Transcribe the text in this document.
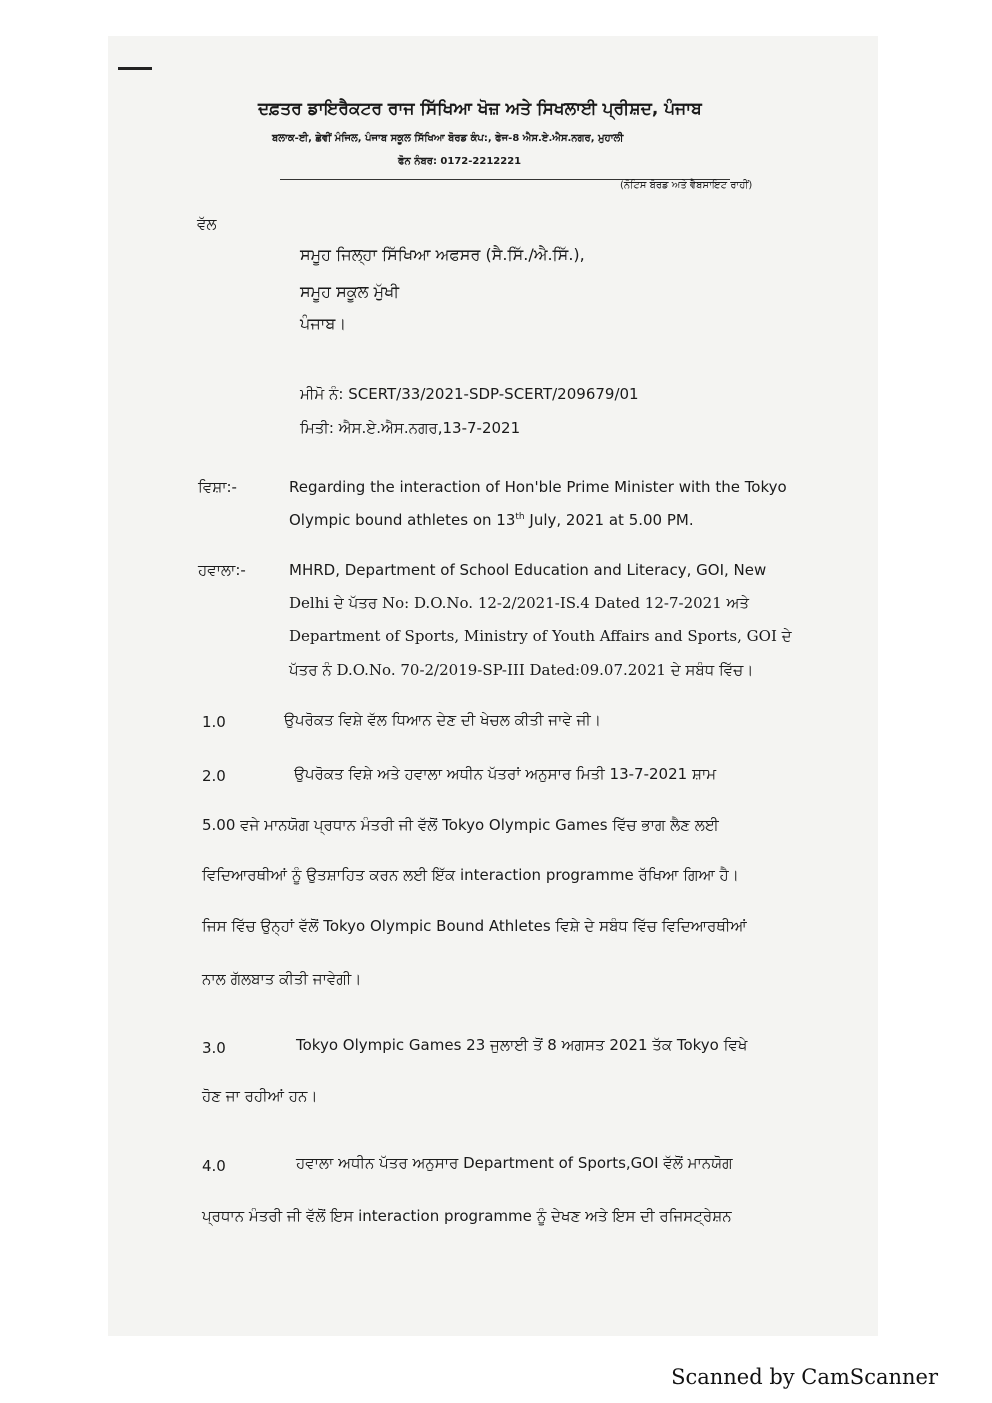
ਦਫ਼ਤਰ ਡਾਇਰੈਕਟਰ ਰਾਜ ਸਿੱਖਿਆ ਖੋਜ਼ ਅਤੇ ਸਿਖਲਾਈ ਪ੍ਰੀਸ਼ਦ, ਪੰਜਾਬ
ਬਲਾਕ-ਈ, ਛੇਵੀਂ ਮੰਜਿਲ, ਪੰਜਾਬ ਸਕੂਲ ਸਿੱਖਿਆ ਬੋਰਡ ਕੰਪ:, ਫੇਜ-8 ਐਸ.ਏ.ਐਸ.ਨਗਰ, ਮੁਹਾਲੀ
ਫੋਨ ਨੰਬਰ: 0172-2212221
(ਨੋਟਿਸ ਬੋਰਡ ਅਤੇ ਵੈਬਸਾਇਟ ਰਾਹੀਂ)
ਵੱਲ
ਸਮੂਹ ਜਿਲ੍ਹਾ ਸਿੱਖਿਆ ਅਫਸਰ (ਸੈ.ਸਿੱ./ਐ.ਸਿੱ.),
ਸਮੂਹ ਸਕੂਲ ਮੁੱਖੀ
ਪੰਜਾਬ।
ਮੀਮੋ ਨੰ: SCERT/33/2021-SDP-SCERT/209679/01
ਮਿਤੀ: ਐਸ.ਏ.ਐਸ.ਨਗਰ,13-7-2021
ਵਿਸ਼ਾ:-	Regarding the interaction of Hon'ble Prime Minister with the Tokyo
Olympic bound athletes on 13th July, 2021 at 5.00 PM.
ਹਵਾਲਾ:-	MHRD, Department of School Education and Literacy, GOI, New
Delhi ਦੇ ਪੱਤਰ No: D.O.No. 12-2/2021-IS.4 Dated 12-7-2021 ਅਤੇ
Department of Sports, Ministry of Youth Affairs and Sports, GOI ਦੇ
ਪੱਤਰ ਨੰ D.O.No. 70-2/2019-SP-III Dated:09.07.2021 ਦੇ ਸਬੰਧ ਵਿੱਚ।
1.0	ਉਪਰੋਕਤ ਵਿਸ਼ੇ ਵੱਲ ਧਿਆਨ ਦੇਣ ਦੀ ਖੇਚਲ ਕੀਤੀ ਜਾਵੇ ਜੀ।
2.0	ਉਪਰੋਕਤ ਵਿਸ਼ੇ ਅਤੇ ਹਵਾਲਾ ਅਧੀਨ ਪੱਤਰਾਂ ਅਨੁਸਾਰ ਮਿਤੀ 13-7-2021 ਸ਼ਾਮ
5.00 ਵਜੇ ਮਾਨਯੋਗ ਪ੍ਰਧਾਨ ਮੰਤਰੀ ਜੀ ਵੱਲੋਂ Tokyo Olympic Games ਵਿੱਚ ਭਾਗ ਲੈਣ ਲਈ
ਵਿਦਿਆਰਥੀਆਂ ਨੂੰ ਉਤਸ਼ਾਹਿਤ ਕਰਨ ਲਈ ਇੱਕ interaction programme ਰੱਖਿਆ ਗਿਆ ਹੈ।
ਜਿਸ ਵਿੱਚ ਉਨ੍ਹਾਂ ਵੱਲੋਂ Tokyo Olympic Bound Athletes ਵਿਸ਼ੇ ਦੇ ਸਬੰਧ ਵਿੱਚ ਵਿਦਿਆਰਥੀਆਂ
ਨਾਲ ਗੱਲਬਾਤ ਕੀਤੀ ਜਾਵੇਗੀ।
3.0	Tokyo Olympic Games 23 ਜੁਲਾਈ ਤੋਂ 8 ਅਗਸਤ 2021 ਤੱਕ Tokyo ਵਿਖੇ
ਹੋਣ ਜਾ ਰਹੀਆਂ ਹਨ।
4.0	ਹਵਾਲਾ ਅਧੀਨ ਪੱਤਰ ਅਨੁਸਾਰ Department of Sports,GOI ਵੱਲੋਂ ਮਾਨਯੋਗ
ਪ੍ਰਧਾਨ ਮੰਤਰੀ ਜੀ ਵੱਲੋਂ ਇਸ interaction programme ਨੂੰ ਦੇਖਣ ਅਤੇ ਇਸ ਦੀ ਰਜਿਸਟ੍ਰੇਸ਼ਨ
Scanned by CamScanner
